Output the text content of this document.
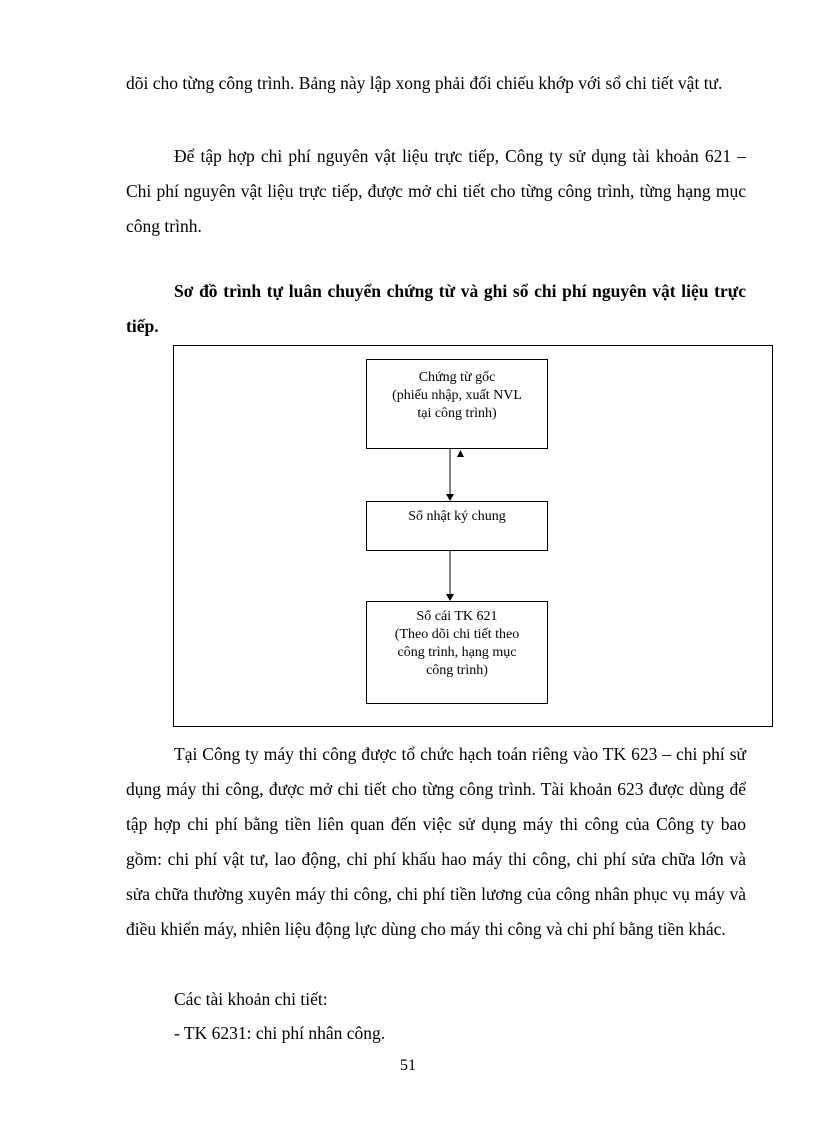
dõi cho từng công trình. Bảng này lập xong phải đối chiếu khớp với sổ chi tiết vật tư.

Để tập hợp chi phí nguyên vật liệu trực tiếp, Công ty sử dụng tài khoản 621 – Chi phí nguyên vật liệu trực tiếp, được mở chi tiết cho từng công trình, từng hạng mục công trình.

Sơ đồ trình tự luân chuyển chứng từ và ghi sổ chi phí nguyên vật liệu trực tiếp.

Chứng từ gốc
(phiếu nhập, xuất NVL
tại công trình)
Sổ nhật ký chung
Sổ cái TK 621
(Theo dõi chi tiết theo
công trình, hạng mục
công trình)

Tại Công ty máy thi công được tổ chức hạch toán riêng vào TK 623 – chi phí sử dụng máy thi công, được mở chi tiết cho từng công trình. Tài khoản 623 được dùng để tập hợp chi phí bằng tiền liên quan đến việc sử dụng máy thi công của Công ty bao gồm: chi phí vật tư, lao động, chi phí khấu hao máy thi công, chi phí sửa chữa lớn và sửa chữa thường xuyên máy thi công, chi phí tiền lương của công nhân phục vụ máy và điều khiển máy, nhiên liệu động lực dùng cho máy thi công và chi phí bằng tiền khác.

Các tài khoản chi tiết:

- TK 6231: chi phí nhân công.

51
